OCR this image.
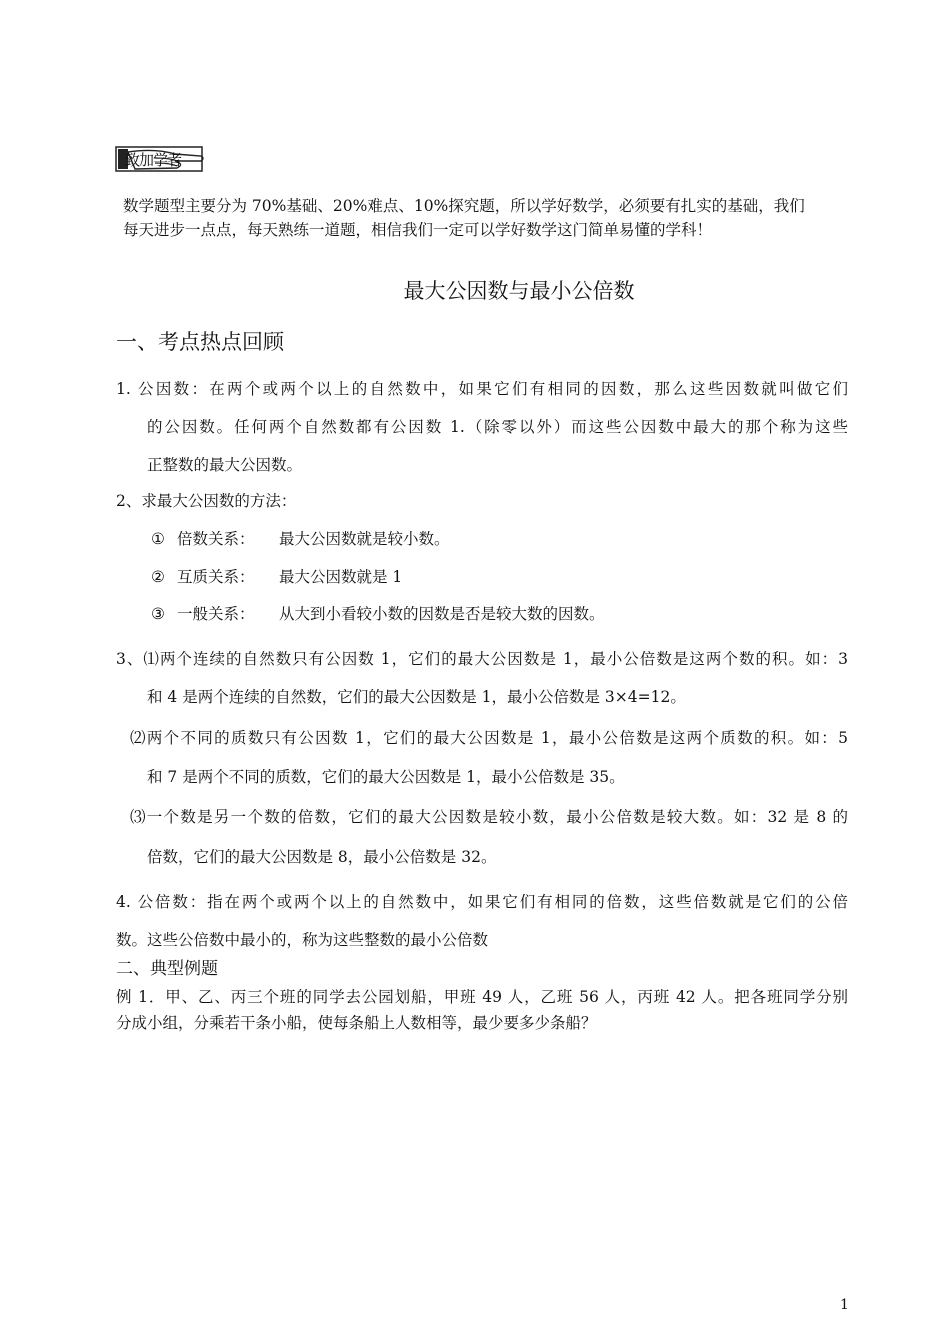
致加学者
数学题型主要分为 70%基础、20%难点、10%探究题，所以学好数学，必须要有扎实的基础，我们
每天进步一点点，每天熟练一道题，相信我们一定可以学好数学这门简单易懂的学科！
最大公因数与最小公倍数
一、考点热点回顾
1. 公因数：在两个或两个以上的自然数中，如果它们有相同的因数，那么这些因数就叫做它们
的公因数。任何两个自然数都有公因数 1.（除零以外）而这些公因数中最大的那个称为这些
正整数的最大公因数。
2、求最大公因数的方法：
① 倍数关系： 最大公因数就是较小数。
② 互质关系： 最大公因数就是 1
③ 一般关系： 从大到小看较小数的因数是否是较大数的因数。
3、⑴两个连续的自然数只有公因数 1，它们的最大公因数是 1，最小公倍数是这两个数的积。如：3
和 4 是两个连续的自然数，它们的最大公因数是 1，最小公倍数是 3×4=12。
⑵两个不同的质数只有公因数 1，它们的最大公因数是 1，最小公倍数是这两个质数的积。如：5
和 7 是两个不同的质数，它们的最大公因数是 1，最小公倍数是 35。
⑶一个数是另一个数的倍数，它们的最大公因数是较小数，最小公倍数是较大数。如：32 是 8 的
倍数，它们的最大公因数是 8，最小公倍数是 32。
4. 公倍数：指在两个或两个以上的自然数中，如果它们有相同的倍数，这些倍数就是它们的公倍
数。这些公倍数中最小的，称为这些整数的最小公倍数
二、典型例题
例 1．甲、乙、丙三个班的同学去公园划船，甲班 49 人，乙班 56 人，丙班 42 人。把各班同学分别
分成小组，分乘若干条小船，使每条船上人数相等，最少要多少条船？
1
